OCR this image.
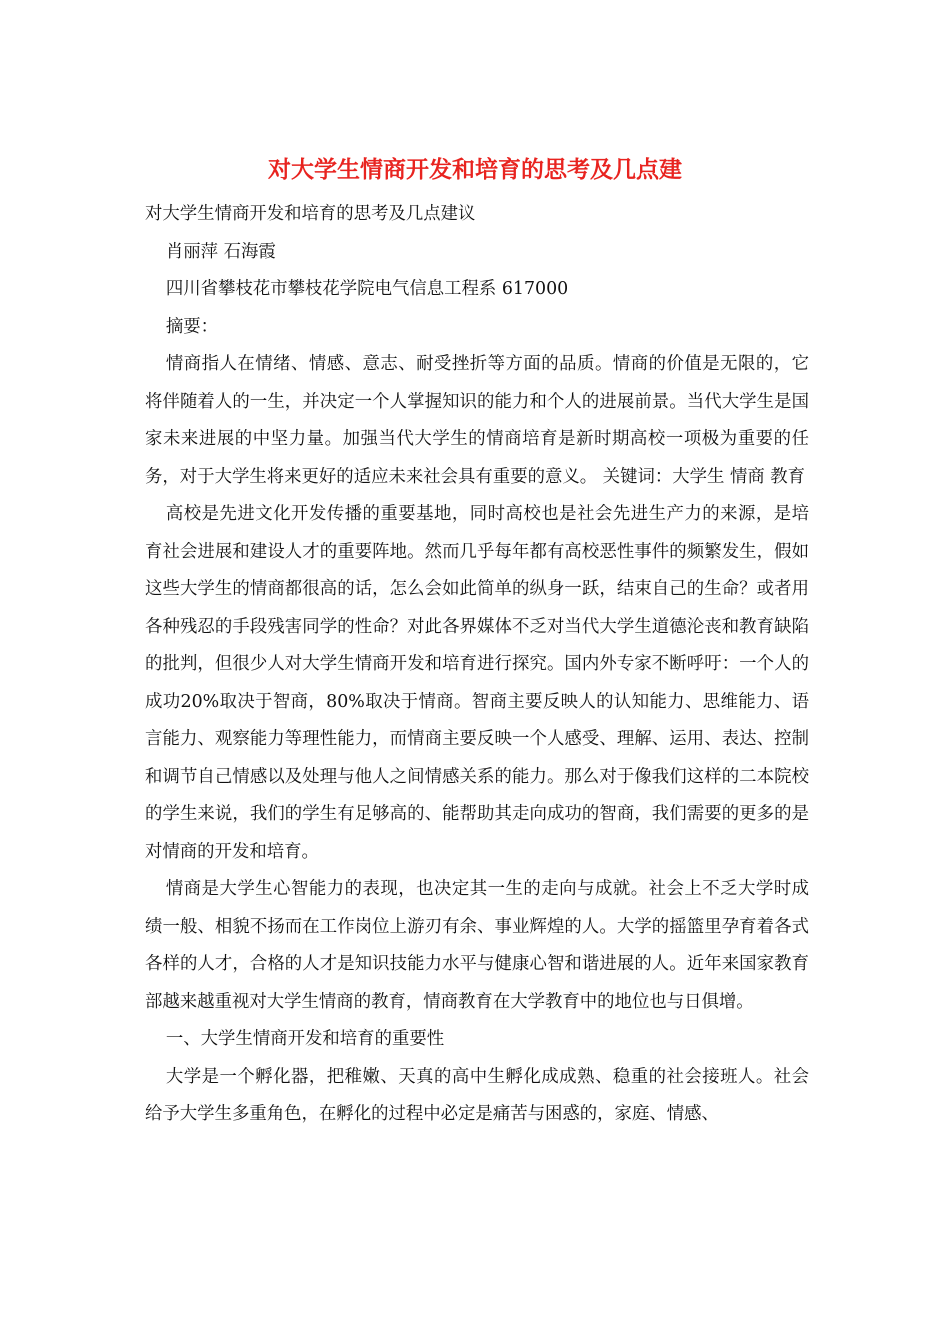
对大学生情商开发和培育的思考及几点建

对大学生情商开发和培育的思考及几点建议

肖丽萍 石海霞

四川省攀枝花市攀枝花学院电气信息工程系 617000

摘要：

情商指人在情绪、情感、意志、耐受挫折等方面的品质。情商的价值是无限的，它将伴随着人的一生，并决定一个人掌握知识的能力和个人的进展前景。当代大学生是国家未来进展的中坚力量。加强当代大学生的情商培育是新时期高校一项极为重要的任务，对于大学生将来更好的适应未来社会具有重要的意义。 关键词：大学生 情商 教育

高校是先进文化开发传播的重要基地，同时高校也是社会先进生产力的来源，是培育社会进展和建设人才的重要阵地。然而几乎每年都有高校恶性事件的频繁发生，假如这些大学生的情商都很高的话，怎么会如此简单的纵身一跃，结束自己的生命？或者用各种残忍的手段残害同学的性命？对此各界媒体不乏对当代大学生道德沦丧和教育缺陷的批判，但很少人对大学生情商开发和培育进行探究。国内外专家不断呼吁：一个人的成功20%取决于智商，80%取决于情商。智商主要反映人的认知能力、思维能力、语言能力、观察能力等理性能力，而情商主要反映一个人感受、理解、运用、表达、控制和调节自己情感以及处理与他人之间情感关系的能力。那么对于像我们这样的二本院校的学生来说，我们的学生有足够高的、能帮助其走向成功的智商，我们需要的更多的是对情商的开发和培育。

情商是大学生心智能力的表现，也决定其一生的走向与成就。社会上不乏大学时成绩一般、相貌不扬而在工作岗位上游刃有余、事业辉煌的人。大学的摇篮里孕育着各式各样的人才，合格的人才是知识技能力水平与健康心智和谐进展的人。近年来国家教育部越来越重视对大学生情商的教育，情商教育在大学教育中的地位也与日俱增。

一、大学生情商开发和培育的重要性

大学是一个孵化器，把稚嫩、天真的高中生孵化成成熟、稳重的社会接班人。社会给予大学生多重角色，在孵化的过程中必定是痛苦与困惑的，家庭、情感、
